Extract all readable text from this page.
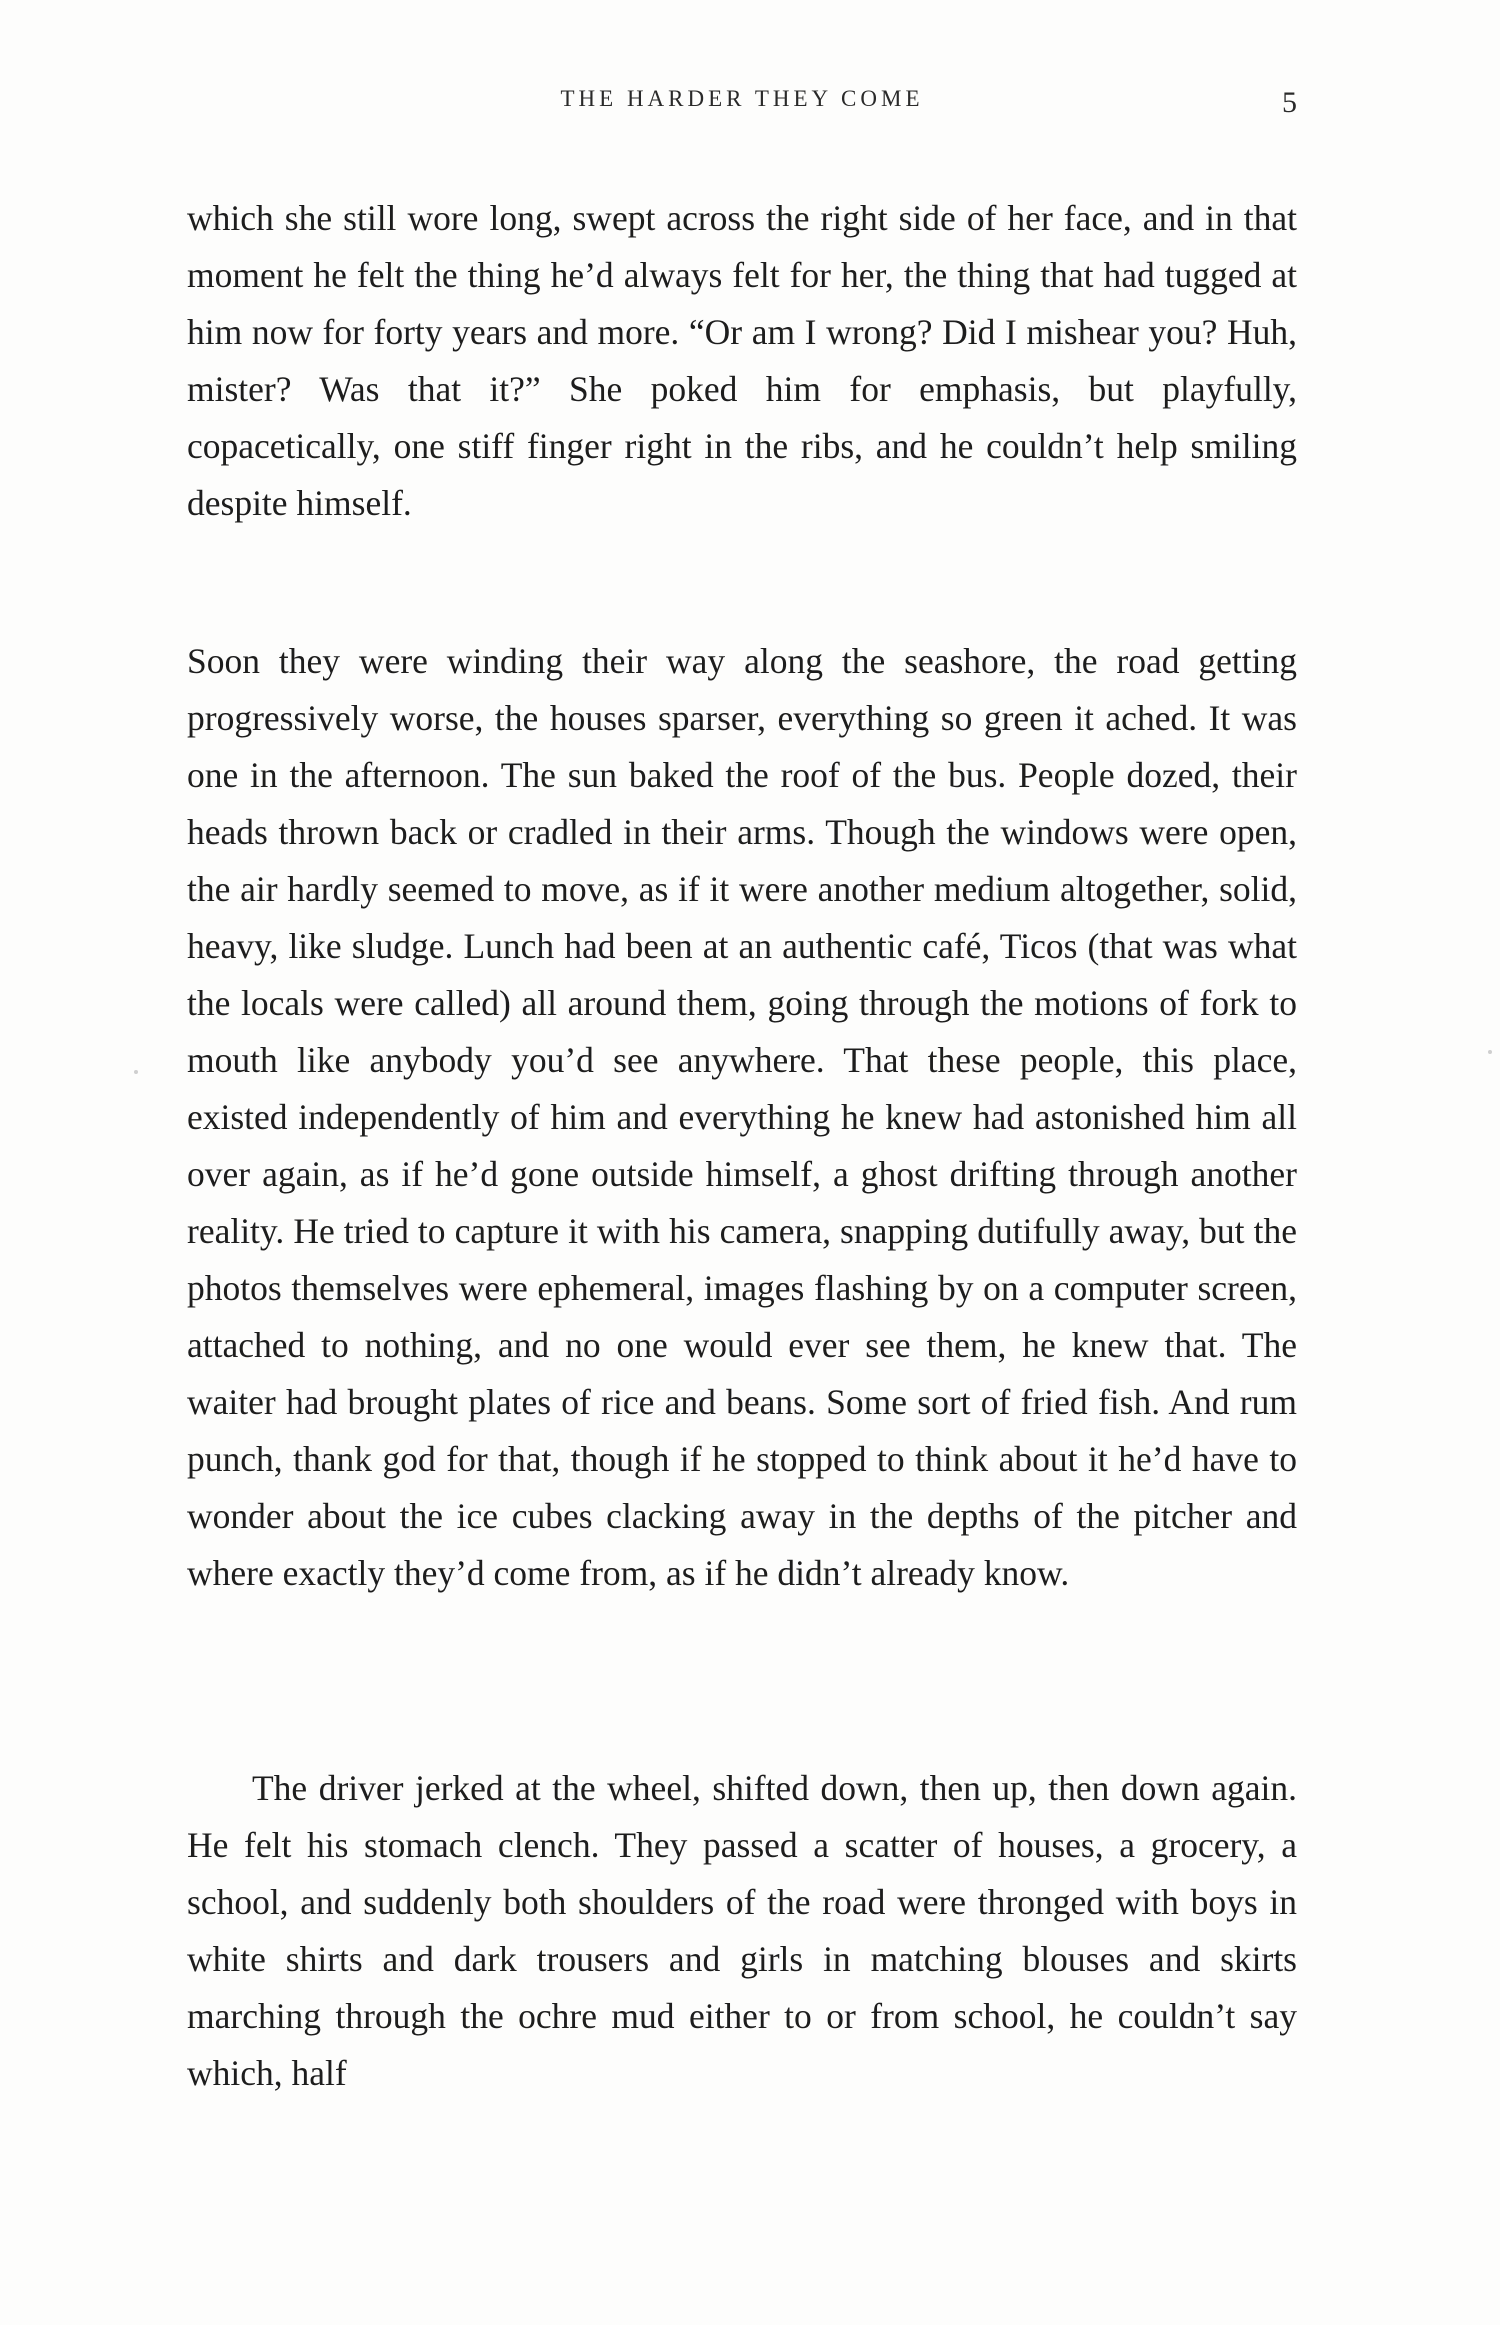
THE HARDER THEY COME	5

which she still wore long, swept across the right side of her face, and in that moment he felt the thing he’d always felt for her, the thing that had tugged at him now for forty years and more. “Or am I wrong? Did I mishear you? Huh, mister? Was that it?” She poked him for emphasis, but playfully, copacetically, one stiff finger right in the ribs, and he couldn’t help smiling despite himself.

Soon they were winding their way along the seashore, the road getting progressively worse, the houses sparser, everything so green it ached. It was one in the afternoon. The sun baked the roof of the bus. People dozed, their heads thrown back or cradled in their arms. Though the windows were open, the air hardly seemed to move, as if it were another medium altogether, solid, heavy, like sludge. Lunch had been at an authentic café, Ticos (that was what the locals were called) all around them, going through the motions of fork to mouth like anybody you’d see anywhere. That these people, this place, existed independently of him and everything he knew had astonished him all over again, as if he’d gone outside himself, a ghost drifting through another reality. He tried to capture it with his camera, snapping dutifully away, but the photos themselves were ephemeral, images flashing by on a computer screen, attached to nothing, and no one would ever see them, he knew that. The waiter had brought plates of rice and beans. Some sort of fried fish. And rum punch, thank god for that, though if he stopped to think about it he’d have to wonder about the ice cubes clacking away in the depths of the pitcher and where exactly they’d come from, as if he didn’t already know.

The driver jerked at the wheel, shifted down, then up, then down again. He felt his stomach clench. They passed a scatter of houses, a grocery, a school, and suddenly both shoulders of the road were thronged with boys in white shirts and dark trousers and girls in matching blouses and skirts marching through the ochre mud either to or from school, he couldn’t say which, half
